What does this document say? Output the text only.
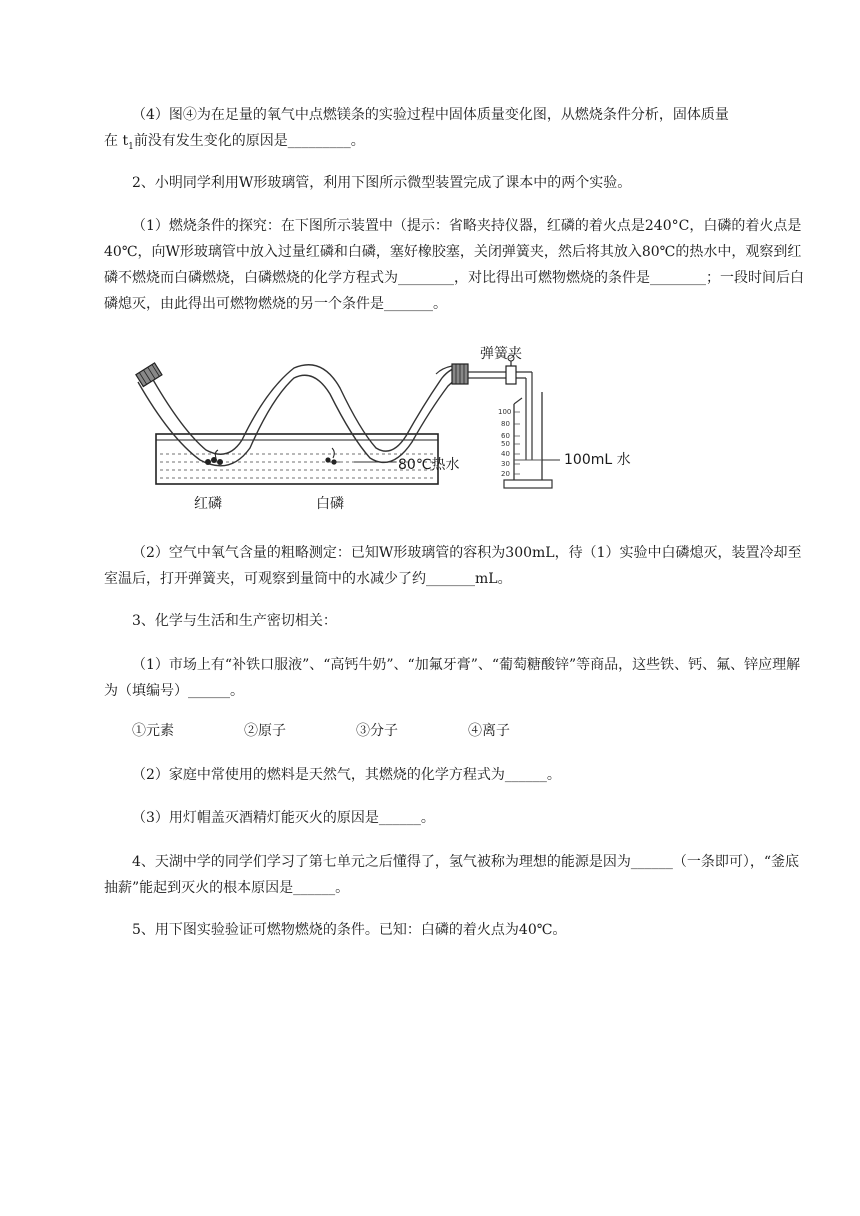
（4）图④为在足量的氧气中点燃镁条的实验过程中固体质量变化图，从燃烧条件分析，固体质量

在 $t_1$前没有发生变化的原因是_________。

2、小明同学利用W形玻璃管，利用下图所示微型装置完成了课本中的两个实验。

（1）燃烧条件的探究：在下图所示装置中（提示：省略夹持仪器，红磷的着火点是240°C，白磷的着火点是40℃，向W形玻璃管中放入过量红磷和白磷，塞好橡胶塞，关闭弹簧夹，然后将其放入80℃的热水中，观察到红磷不燃烧而白磷燃烧，白磷燃烧的化学方程式为________，对比得出可燃物燃烧的条件是________；一段时间后白磷熄灭，由此得出可燃物燃烧的另一个条件是_______。

弹簧夹
100
80
60
50
40
30
20
100mL 水
80℃热水
红磷	白磷

（2）空气中氧气含量的粗略测定：已知W形玻璃管的容积为300mL，待（1）实验中白磷熄灭，装置冷却至室温后，打开弹簧夹，可观察到量筒中的水减少了约_______mL。

3、化学与生活和生产密切相关：

（1）市场上有“补铁口服液”、“高钙牛奶”、“加氟牙膏”、“葡萄糖酸锌”等商品，这些铁、钙、氟、锌应理解为（填编号）______。

①元素	②原子	③分子	④离子

（2）家庭中常使用的燃料是天然气，其燃烧的化学方程式为______。

（3）用灯帽盖灭酒精灯能灭火的原因是______。

4、天湖中学的同学们学习了第七单元之后懂得了，氢气被称为理想的能源是因为______（一条即可），“釜底抽薪”能起到灭火的根本原因是______。

5、用下图实验验证可燃物燃烧的条件。已知：白磷的着火点为40℃。
